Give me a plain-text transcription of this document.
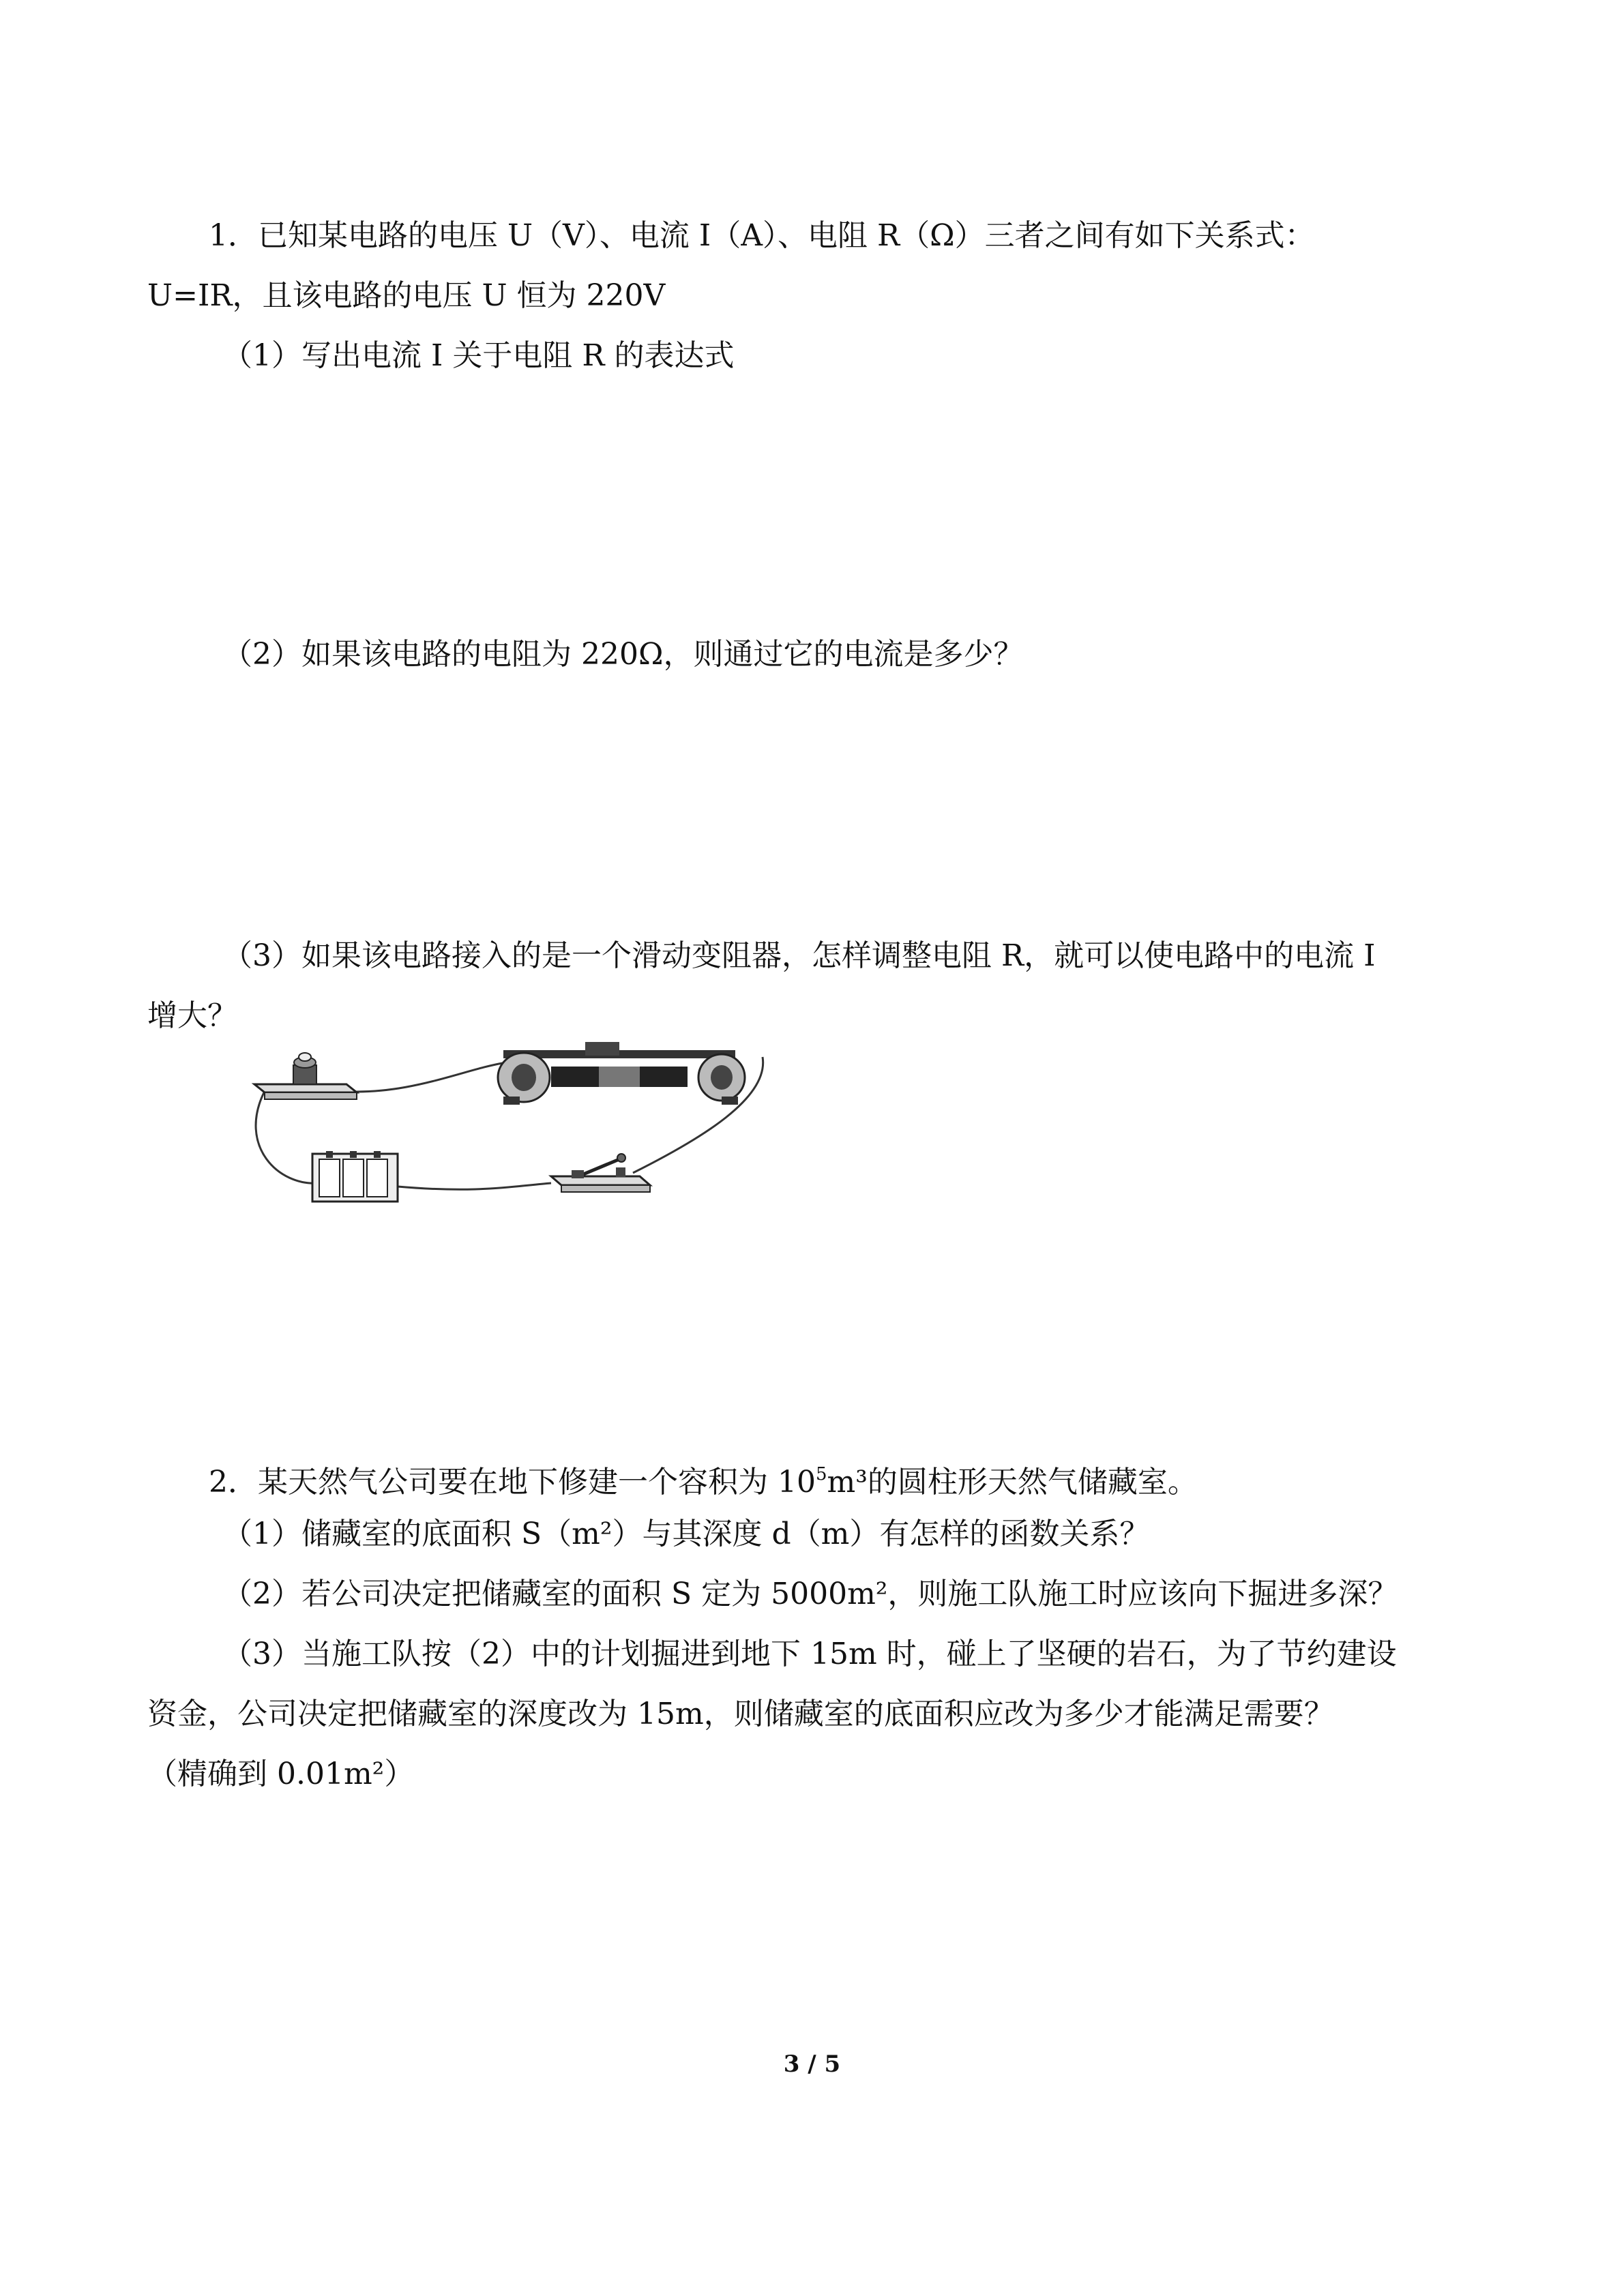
1．已知某电路的电压 U（V）、电流 I（A）、电阻 R（Ω）三者之间有如下关系式：
U=IR，且该电路的电压 U 恒为 220V
（1）写出电流 I 关于电阻 R 的表达式
（2）如果该电路的电阻为 220Ω，则通过它的电流是多少？
（3）如果该电路接入的是一个滑动变阻器，怎样调整电阻 R，就可以使电路中的电流 I
增大？
2．某天然气公司要在地下修建一个容积为 $10^5m^3$的圆柱形天然气储藏室。
（1）储藏室的底面积 S（m²）与其深度 d（m）有怎样的函数关系？
（2）若公司决定把储藏室的面积 S 定为 5000m²，则施工队施工时应该向下掘进多深？
（3）当施工队按（2）中的计划掘进到地下 15m 时，碰上了坚硬的岩石，为了节约建设
资金，公司决定把储藏室的深度改为 15m，则储藏室的底面积应改为多少才能满足需要？
（精确到 0.01m²）
3 / 5
